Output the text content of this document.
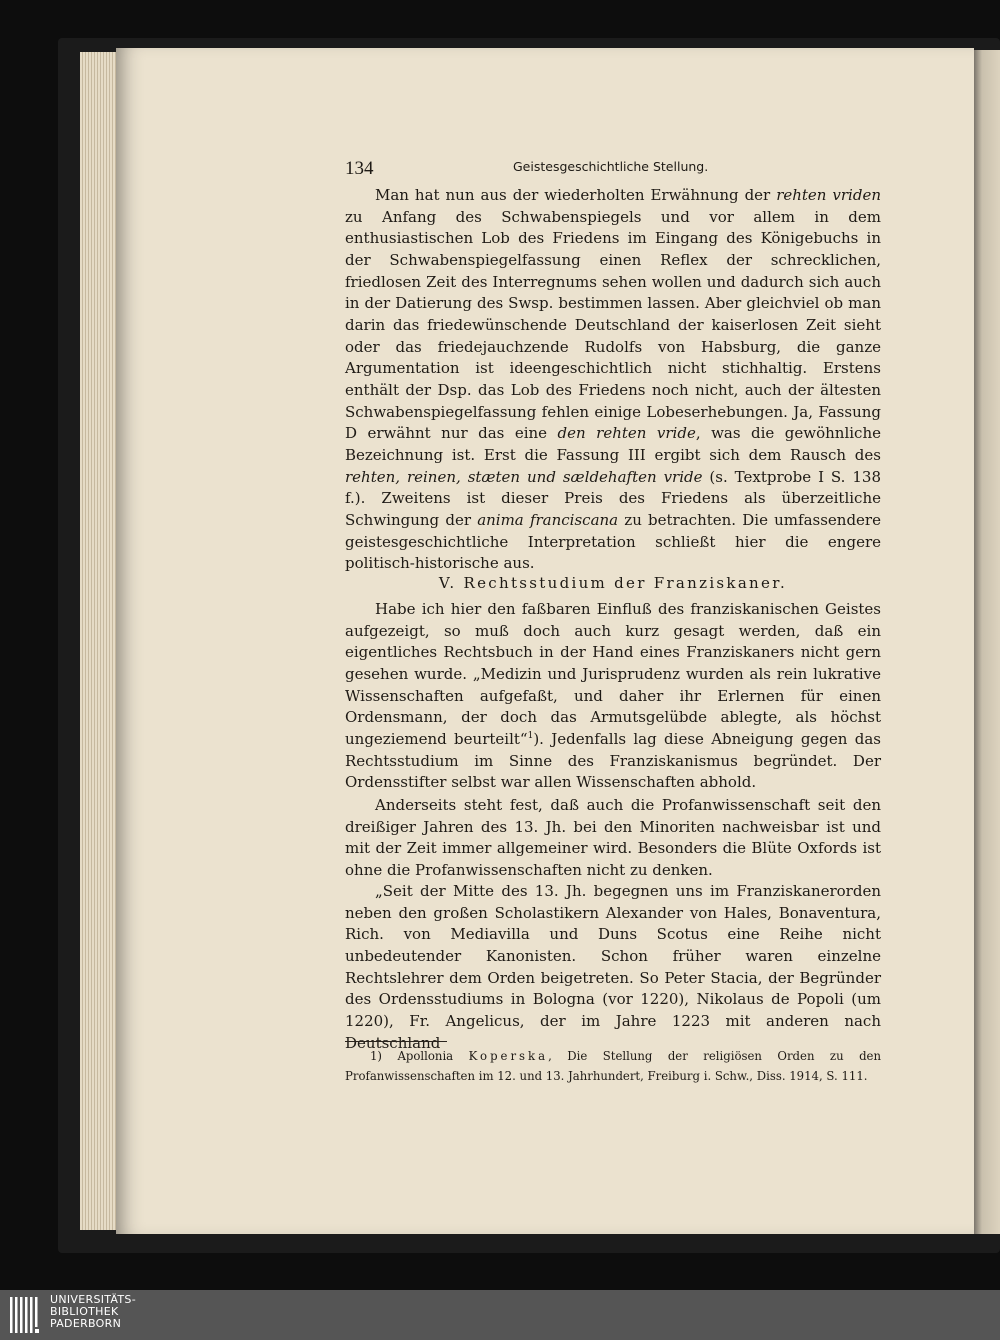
134	Geistesgeschichtliche Stellung.

Man hat nun aus der wiederholten Erwähnung der rehten vriden zu Anfang des Schwabenspiegels und vor allem in dem enthusiastischen Lob des Friedens im Eingang des Königebuchs in der Schwabenspiegelfassung einen Reflex der schrecklichen, friedlosen Zeit des Interregnums sehen wollen und dadurch sich auch in der Datierung des Swsp. bestimmen lassen. Aber gleichviel ob man darin das friedewünschende Deutschland der kaiserlosen Zeit sieht oder das friedejauchzende Rudolfs von Habsburg, die ganze Argumentation ist ideengeschichtlich nicht stichhaltig. Erstens enthält der Dsp. das Lob des Friedens noch nicht, auch der ältesten Schwabenspiegelfassung fehlen einige Lobeserhebungen. Ja, Fassung D erwähnt nur das eine den rehten vride, was die gewöhnliche Bezeichnung ist. Erst die Fassung III ergibt sich dem Rausch des rehten, reinen, stæten und sældehaften vride (s. Textprobe I S. 138 f.). Zweitens ist dieser Preis des Friedens als überzeitliche Schwingung der anima franciscana zu betrachten. Die umfassendere geistesgeschichtliche Interpretation schließt hier die engere politisch-historische aus.

V. Rechtsstudium der Franziskaner.

Habe ich hier den faßbaren Einfluß des franziskanischen Geistes aufgezeigt, so muß doch auch kurz gesagt werden, daß ein eigentliches Rechtsbuch in der Hand eines Franziskaners nicht gern gesehen wurde. „Medizin und Jurisprudenz wurden als rein lukrative Wissenschaften aufgefaßt, und daher ihr Erlernen für einen Ordensmann, der doch das Armutsgelübde ablegte, als höchst ungeziemend beurteilt“$^1$). Jedenfalls lag diese Abneigung gegen das Rechtsstudium im Sinne des Franziskanismus begründet. Der Ordensstifter selbst war allen Wissenschaften abhold.

Anderseits steht fest, daß auch die Profanwissenschaft seit den dreißiger Jahren des 13. Jh. bei den Minoriten nachweisbar ist und mit der Zeit immer allgemeiner wird. Besonders die Blüte Oxfords ist ohne die Profanwissenschaften nicht zu denken.

„Seit der Mitte des 13. Jh. begegnen uns im Franziskanerorden neben den großen Scholastikern Alexander von Hales, Bonaventura, Rich. von Mediavilla und Duns Scotus eine Reihe nicht unbedeutender Kanonisten. Schon früher waren einzelne Rechtslehrer dem Orden beigetreten. So Peter Stacia, der Begründer des Ordensstudiums in Bologna (vor 1220), Nikolaus de Popoli (um 1220), Fr. Angelicus, der im Jahre 1223 mit anderen nach Deutschland

1) Apollonia Koperska, Die Stellung der religiösen Orden zu den Profanwissenschaften im 12. und 13. Jahrhundert, Freiburg i. Schw., Diss. 1914, S. 111.

UNIVERSITÄTS-
BIBLIOTHEK
PADERBORN
